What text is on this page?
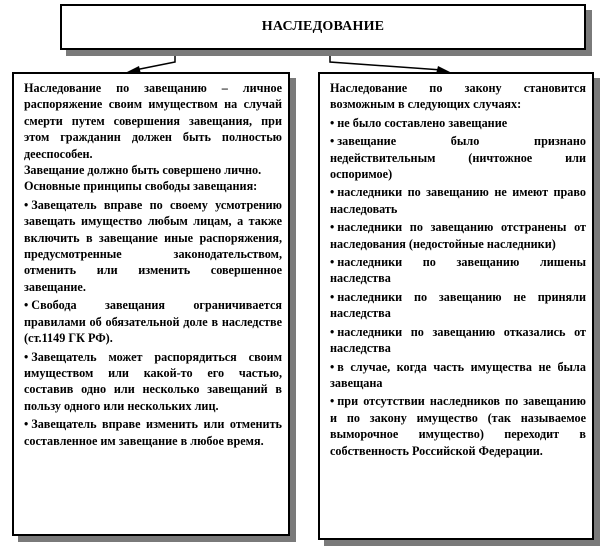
НАСЛЕДОВАНИЕ

Наследование по завещанию – личное распоряжение своим имуществом на случай смерти путем совершения завещания, при этом гражданин должен быть полностью дееспособен.

Завещание должно быть совершено лично.

Основные принципы свободы завещания:

• Завещатель вправе по своему усмотрению завещать имущество любым лицам, а также включить в завещание иные распоряжения, предусмотренные законодательством, отменить или изменить совершенное завещание.
• Свобода завещания ограничивается правилами об обязательной доле в наследстве (ст.1149 ГК РФ).
• Завещатель может распорядиться своим имуществом или какой-то его частью, составив одно или несколько завещаний в пользу одного или нескольких лиц.
• Завещатель вправе изменить или отменить составленное им завещание в любое время.

Наследование по закону становится возможным в следующих случаях:

• не было составлено завещание
• завещание было признано недействительным (ничтожное или оспоримое)
• наследники по завещанию не имеют право наследовать
• наследники по завещанию отстранены от наследования (недостойные наследники)
• наследники по завещанию лишены наследства
• наследники по завещанию не приняли наследства
• наследники по завещанию отказались от наследства
• в случае, когда часть имущества не была завещана
• при отсутствии наследников по завещанию и по закону имущество (так называемое выморочное имущество) переходит в собственность Российской Федерации.
